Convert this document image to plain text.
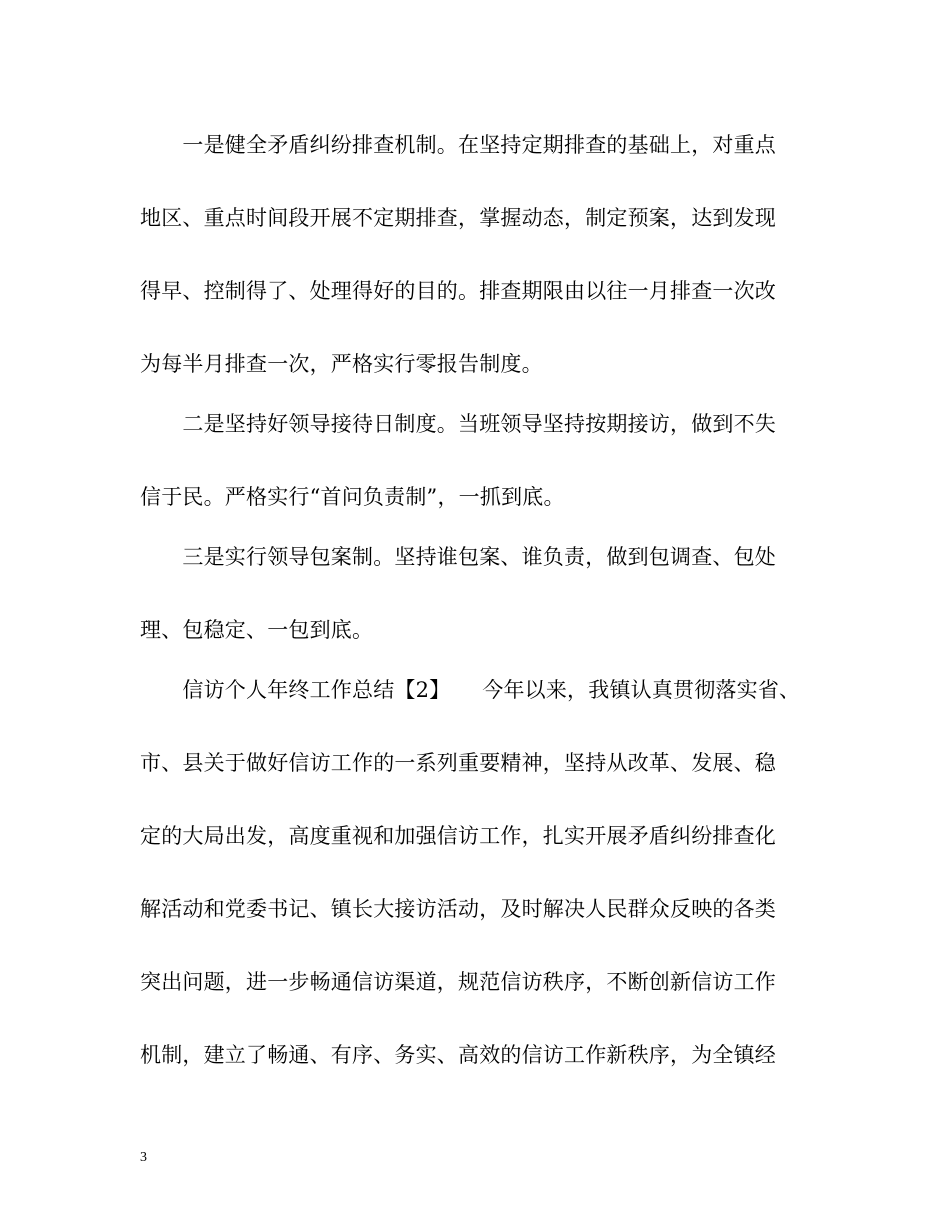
　　一是健全矛盾纠纷排查机制。在坚持定期排查的基础上，对重点
地区、重点时间段开展不定期排查，掌握动态，制定预案，达到发现
得早、控制得了、处理得好的目的。排查期限由以往一月排查一次改
为每半月排查一次，严格实行零报告制度。
　　二是坚持好领导接待日制度。当班领导坚持按期接访，做到不失
信于民。严格实行“首问负责制”，一抓到底。
　　三是实行领导包案制。坚持谁包案、谁负责，做到包调查、包处
理、包稳定、一包到底。
　　信访个人年终工作总结【2】　　今年以来，我镇认真贯彻落实省、
市、县关于做好信访工作的一系列重要精神，坚持从改革、发展、稳
定的大局出发，高度重视和加强信访工作，扎实开展矛盾纠纷排查化
解活动和党委书记、镇长大接访活动，及时解决人民群众反映的各类
突出问题，进一步畅通信访渠道，规范信访秩序，不断创新信访工作
机制，建立了畅通、有序、务实、高效的信访工作新秩序，为全镇经
3
